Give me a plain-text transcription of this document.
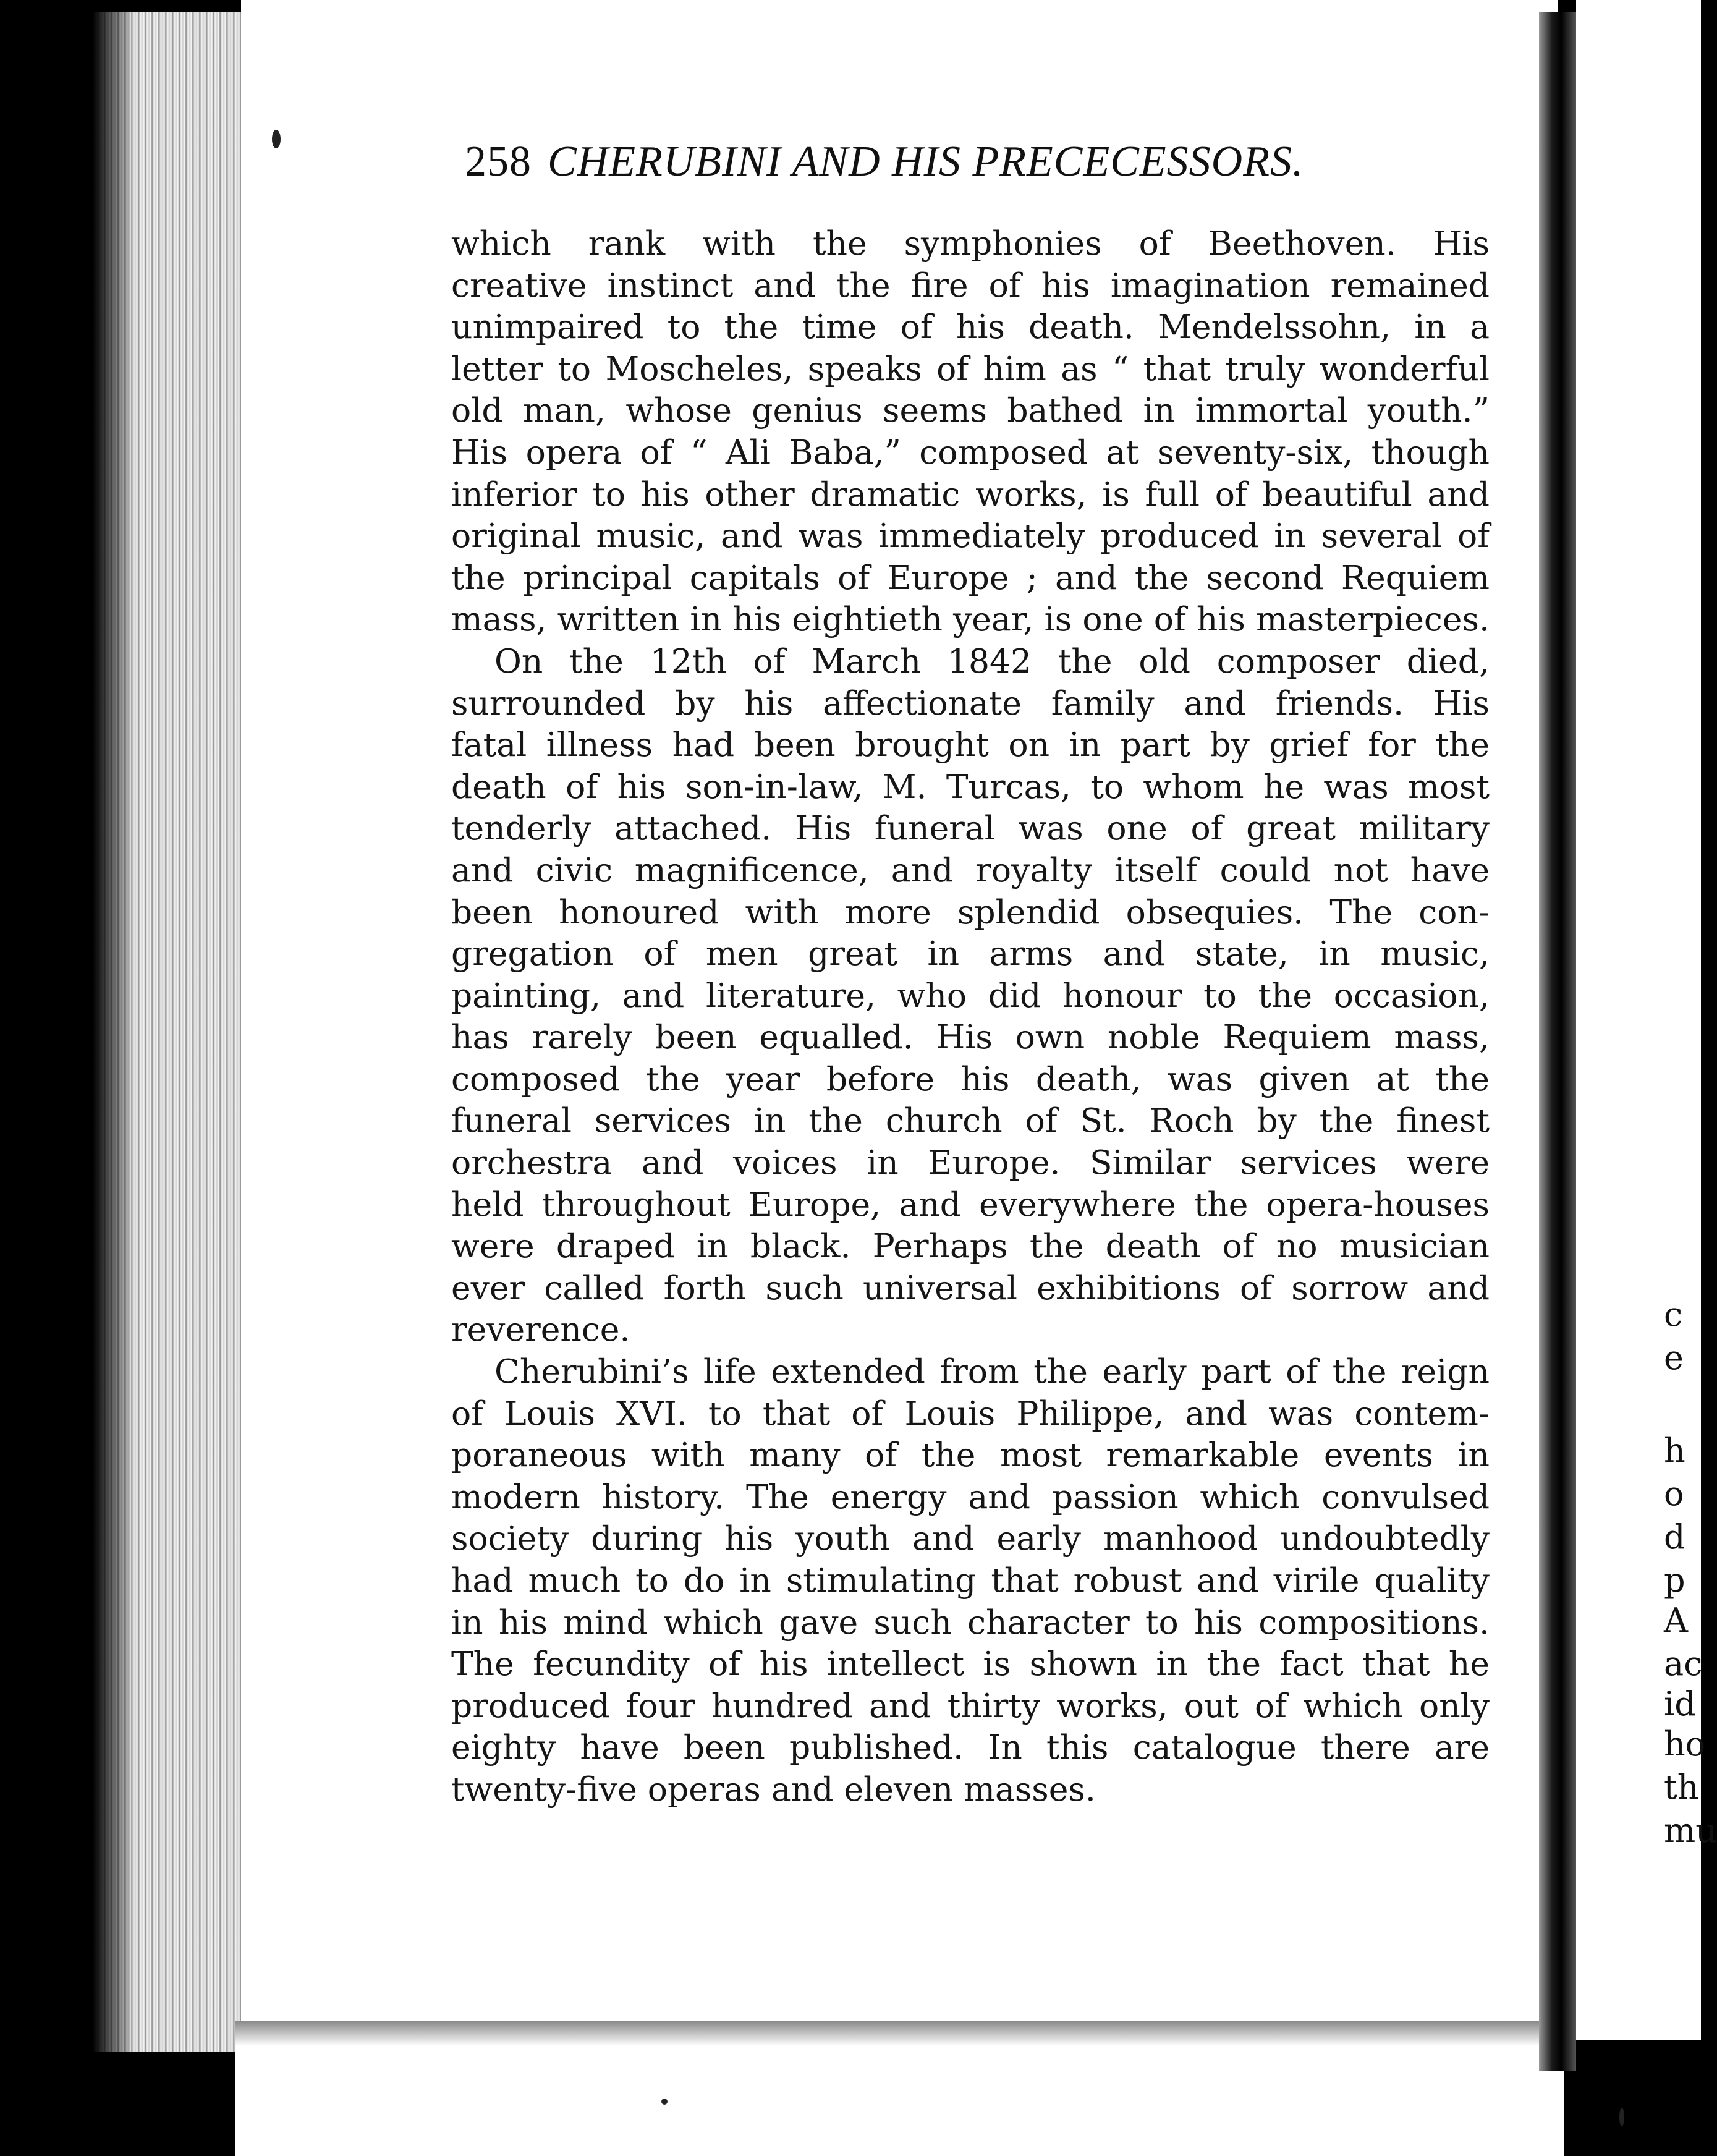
c
e
h
o
d
p
A
ac
id
ho
th
mu
258 CHERUBINI AND HIS PRECECESSORS.
which rank with the symphonies of Beethoven. His
creative instinct and the fire of his imagination remained
unimpaired to the time of his death. Mendelssohn, in a
letter to Moscheles, speaks of him as “ that truly wonderful
old man, whose genius seems bathed in immortal youth.”
His opera of “ Ali Baba,” composed at seventy-six, though
inferior to his other dramatic works, is full of beautiful and
original music, and was immediately produced in several of
the principal capitals of Europe ; and the second Requiem
mass, written in his eightieth year, is one of his masterpieces.
On the 12th of March 1842 the old composer died,
surrounded by his affectionate family and friends. His
fatal illness had been brought on in part by grief for the
death of his son-in-law, M. Turcas, to whom he was most
tenderly attached. His funeral was one of great military
and civic magnificence, and royalty itself could not have
been honoured with more splendid obsequies. The con-
gregation of men great in arms and state, in music,
painting, and literature, who did honour to the occasion,
has rarely been equalled. His own noble Requiem mass,
composed the year before his death, was given at the
funeral services in the church of St. Roch by the finest
orchestra and voices in Europe. Similar services were
held throughout Europe, and everywhere the opera-houses
were draped in black. Perhaps the death of no musician
ever called forth such universal exhibitions of sorrow and
reverence.
Cherubini’s life extended from the early part of the reign
of Louis XVI. to that of Louis Philippe, and was contem-
poraneous with many of the most remarkable events in
modern history. The energy and passion which convulsed
society during his youth and early manhood undoubtedly
had much to do in stimulating that robust and virile quality
in his mind which gave such character to his compositions.
The fecundity of his intellect is shown in the fact that he
produced four hundred and thirty works, out of which only
eighty have been published. In this catalogue there are
twenty-five operas and eleven masses.
